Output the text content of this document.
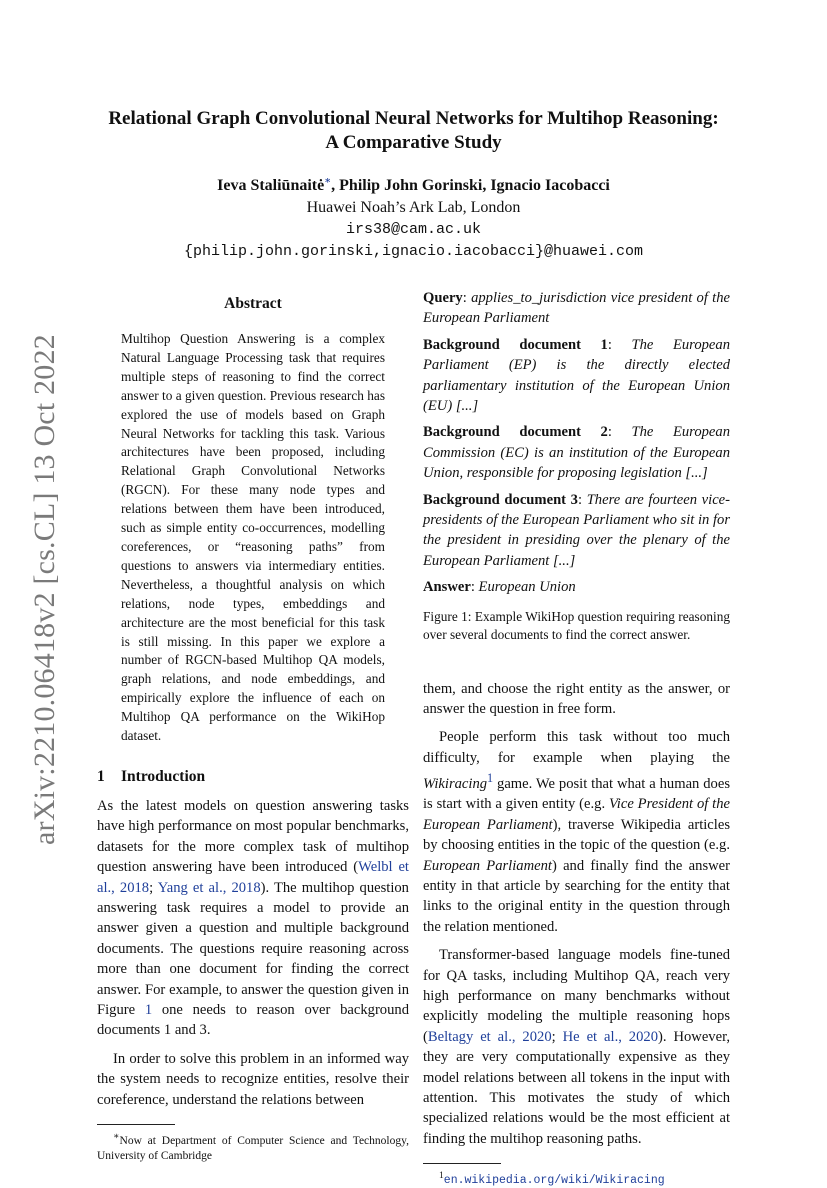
arXiv:2210.06418v2 [cs.CL] 13 Oct 2022
Relational Graph Convolutional Neural Networks for Multihop Reasoning: A Comparative Study
Ieva Staliūnaitė∗, Philip John Gorinski, Ignacio Iacobacci
Huawei Noah’s Ark Lab, London
irs38@cam.ac.uk
{philip.john.gorinski,ignacio.iacobacci}@huawei.com
Abstract

Multihop Question Answering is a complex Natural Language Processing task that requires multiple steps of reasoning to find the correct answer to a given question. Previous research has explored the use of models based on Graph Neural Networks for tackling this task. Various architectures have been proposed, including Relational Graph Convolutional Networks (RGCN). For these many node types and relations between them have been introduced, such as simple entity co-occurrences, modelling coreferences, or “reasoning paths” from questions to answers via intermediary entities. Nevertheless, a thoughtful analysis on which relations, node types, embeddings and architecture are the most beneficial for this task is still missing. In this paper we explore a number of RGCN-based Multihop QA models, graph relations, and node embeddings, and empirically explore the influence of each on Multihop QA performance on the WikiHop dataset.

1 Introduction

As the latest models on question answering tasks have high performance on most popular benchmarks, datasets for the more complex task of multihop question answering have been introduced (Welbl et al., 2018; Yang et al., 2018). The multihop question answering task requires a model to provide an answer given a question and multiple background documents. The questions require reasoning across more than one document for finding the correct answer. For example, to answer the question given in Figure 1 one needs to reason over background documents 1 and 3.

In order to solve this problem in an informed way the system needs to recognize entities, resolve their coreference, understand the relations between

∗Now at Department of Computer Science and Technology, University of Cambridge
Query: applies_to_jurisdiction vice president of the European Parliament
Background document 1: The European Parliament (EP) is the directly elected parliamentary institution of the European Union (EU) [...]
Background document 2: The European Commission (EC) is an institution of the European Union, responsible for proposing legislation [...]
Background document 3: There are fourteen vice-presidents of the European Parliament who sit in for the president in presiding over the plenary of the European Parliament [...]
Answer: European Union

Figure 1: Example WikiHop question requiring reasoning over several documents to find the correct answer.

them, and choose the right entity as the answer, or answer the question in free form.

People perform this task without too much difficulty, for example when playing the Wikiracing$^1$ game. We posit that what a human does is start with a given entity (e.g. Vice President of the European Parliament), traverse Wikipedia articles by choosing entities in the topic of the question (e.g. European Parliament) and finally find the answer entity in that article by searching for the entity that links to the original entity in the question through the relation mentioned.

Transformer-based language models fine-tuned for QA tasks, including Multihop QA, reach very high performance on many benchmarks without explicitly modeling the multiple reasoning hops (Beltagy et al., 2020; He et al., 2020). However, they are very computationally expensive as they model relations between all tokens in the input with attention. This motivates the study of which specialized relations would be the most efficient at finding the multihop reasoning paths.

$^1$en.wikipedia.org/wiki/Wikiracing
